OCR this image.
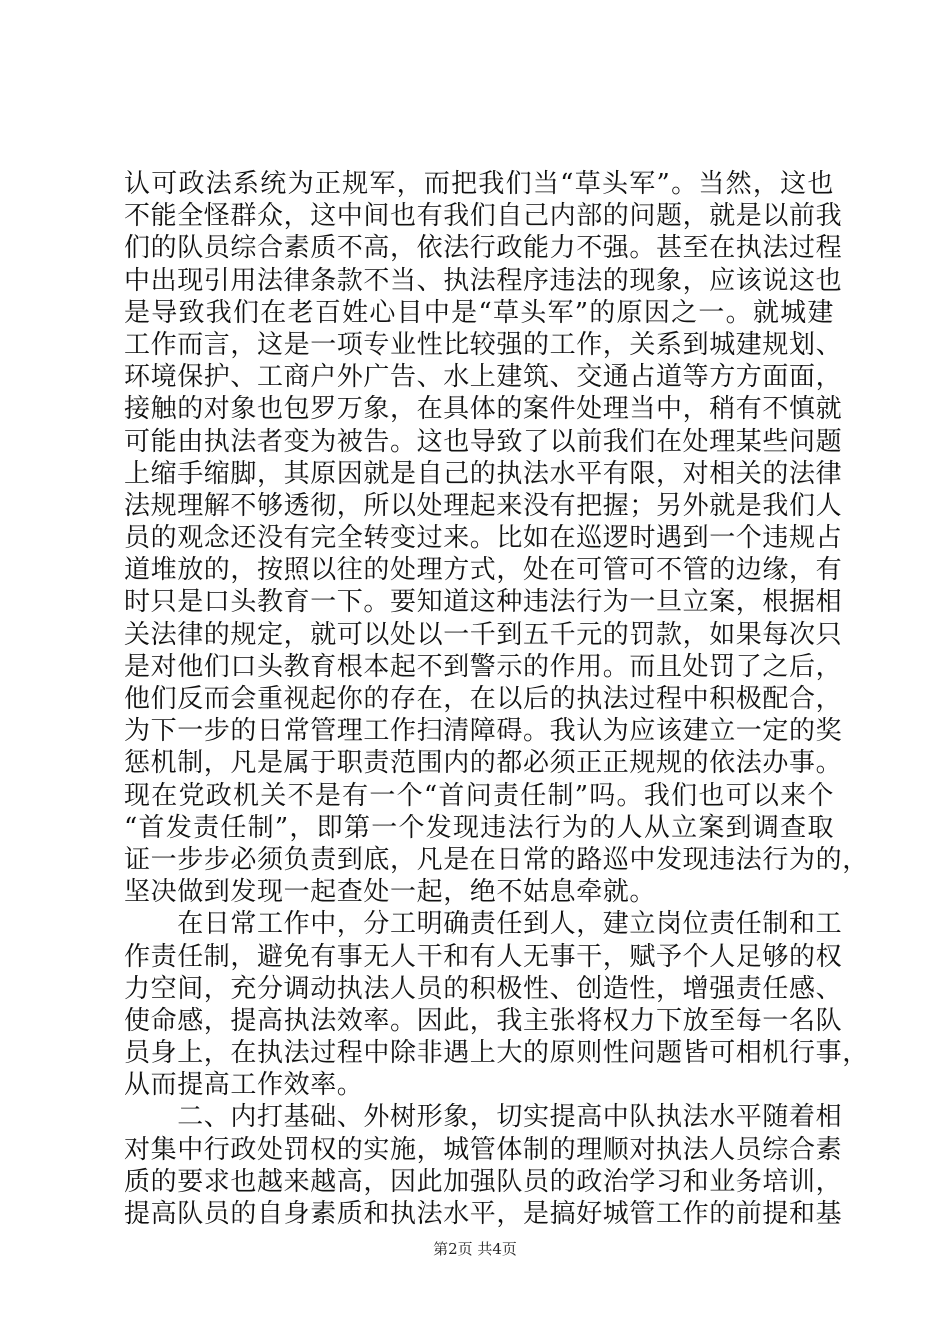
认可政法系统为正规军，而把我们当“草头军”。当然，这也
不能全怪群众，这中间也有我们自己内部的问题，就是以前我
们的队员综合素质不高，依法行政能力不强。甚至在执法过程
中出现引用法律条款不当、执法程序违法的现象，应该说这也
是导致我们在老百姓心目中是“草头军”的原因之一。就城建
工作而言，这是一项专业性比较强的工作，关系到城建规划、
环境保护、工商户外广告、水上建筑、交通占道等方方面面，
接触的对象也包罗万象，在具体的案件处理当中，稍有不慎就
可能由执法者变为被告。这也导致了以前我们在处理某些问题
上缩手缩脚，其原因就是自己的执法水平有限，对相关的法律
法规理解不够透彻，所以处理起来没有把握；另外就是我们人
员的观念还没有完全转变过来。比如在巡逻时遇到一个违规占
道堆放的，按照以往的处理方式，处在可管可不管的边缘，有
时只是口头教育一下。要知道这种违法行为一旦立案，根据相
关法律的规定，就可以处以一千到五千元的罚款，如果每次只
是对他们口头教育根本起不到警示的作用。而且处罚了之后，
他们反而会重视起你的存在，在以后的执法过程中积极配合，
为下一步的日常管理工作扫清障碍。我认为应该建立一定的奖
惩机制，凡是属于职责范围内的都必须正正规规的依法办事。
现在党政机关不是有一个“首问责任制”吗。我们也可以来个
“首发责任制”，即第一个发现违法行为的人从立案到调查取
证一步步必须负责到底，凡是在日常的路巡中发现违法行为的，
坚决做到发现一起查处一起，绝不姑息牵就。
　　在日常工作中，分工明确责任到人，建立岗位责任制和工
作责任制，避免有事无人干和有人无事干，赋予个人足够的权
力空间，充分调动执法人员的积极性、创造性，增强责任感、
使命感，提高执法效率。因此，我主张将权力下放至每一名队
员身上，在执法过程中除非遇上大的原则性问题皆可相机行事，
从而提高工作效率。
　　二、内打基础、外树形象，切实提高中队执法水平随着相
对集中行政处罚权的实施，城管体制的理顺对执法人员综合素
质的要求也越来越高，因此加强队员的政治学习和业务培训，
提高队员的自身素质和执法水平，是搞好城管工作的前提和基
第2页 共4页
